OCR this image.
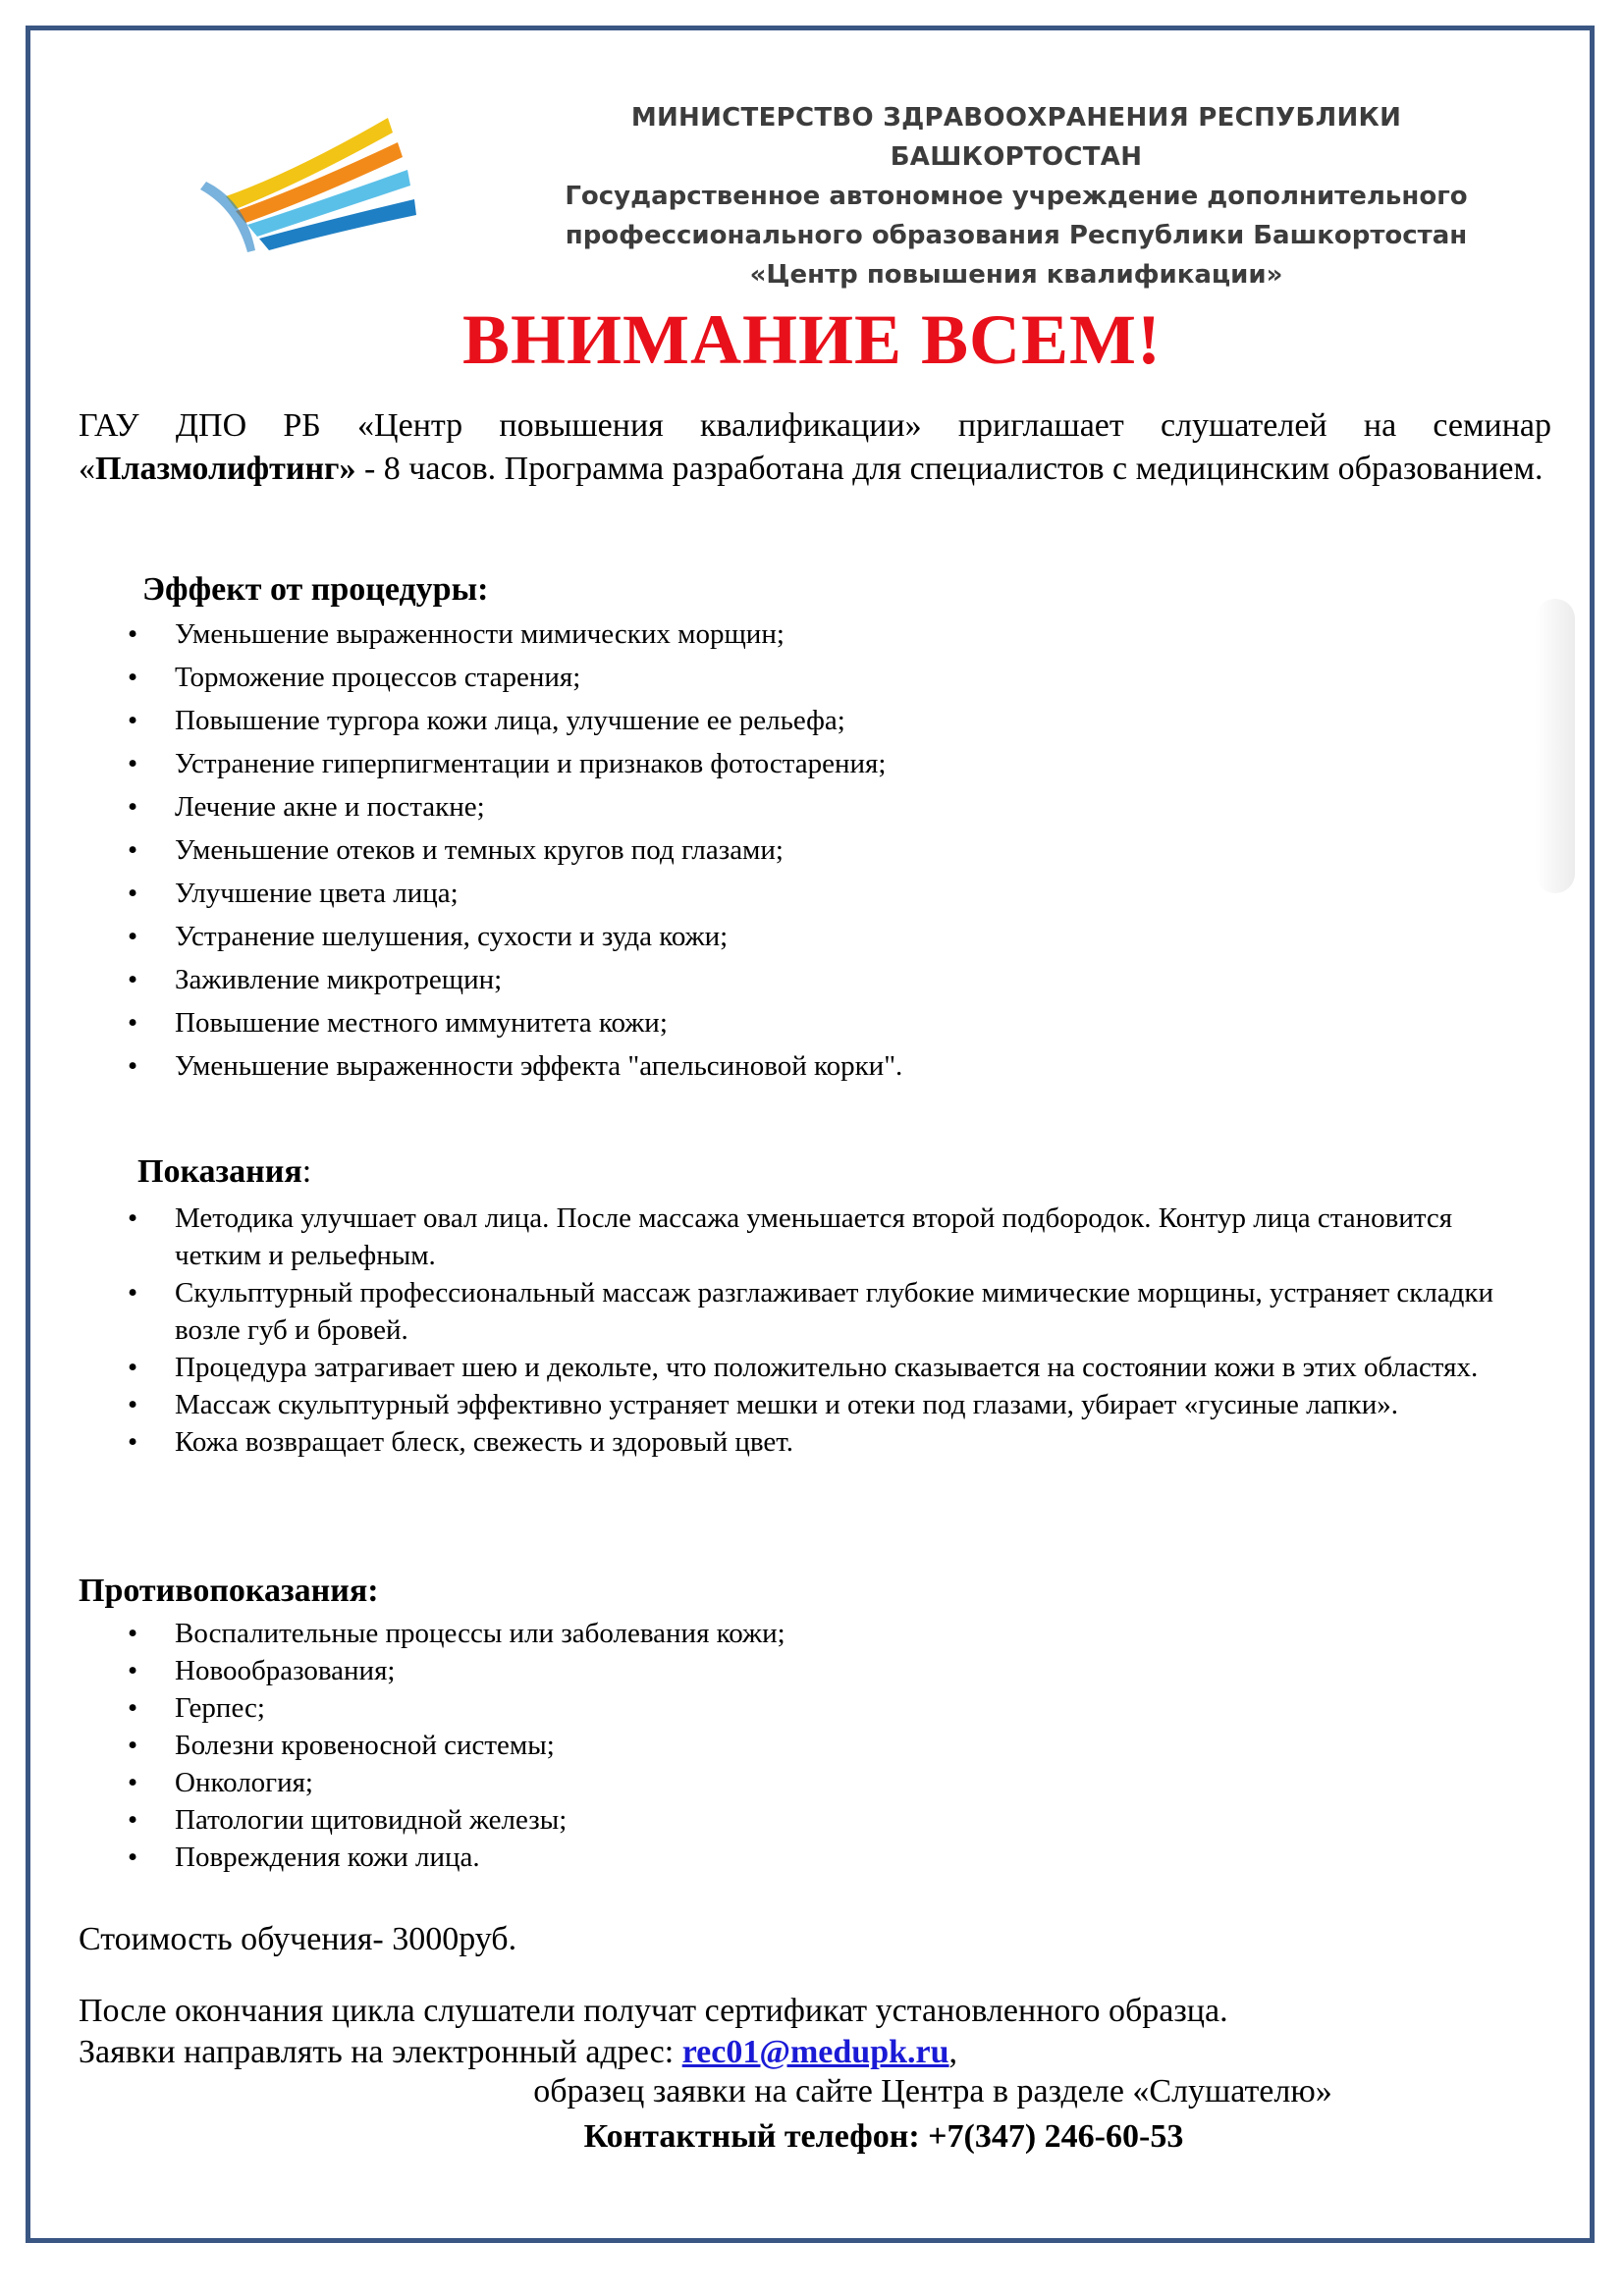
МИНИСТЕРСТВО ЗДРАВООХРАНЕНИЯ РЕСПУБЛИКИ БАШКОРТОСТАН
Государственное автономное учреждение дополнительного
профессионального образования Республики Башкортостан
«Центр повышения квалификации»
ВНИМАНИЕ ВСЕМ!
ГАУ ДПО РБ «Центр повышения квалификации» приглашает слушателей на семинар «Плазмолифтинг» - 8 часов. Программа разработана для специалистов с медицинским образованием.
Эффект от процедуры:
• Уменьшение выраженности мимических морщин;
• Торможение процессов старения;
• Повышение тургора кожи лица, улучшение ее рельефа;
• Устранение гиперпигментации и признаков фотостарения;
• Лечение акне и постакне;
• Уменьшение отеков и темных кругов под глазами;
• Улучшение цвета лица;
• Устранение шелушения, сухости и зуда кожи;
• Заживление микротрещин;
• Повышение местного иммунитета кожи;
• Уменьшение выраженности эффекта "апельсиновой корки".
Показания:
• Методика улучшает овал лица. После массажа уменьшается второй подбородок. Контур лица становится четким и рельефным.
• Скульптурный профессиональный массаж разглаживает глубокие мимические морщины, устраняет складки возле губ и бровей.
• Процедура затрагивает шею и декольте, что положительно сказывается на состоянии кожи в этих областях.
• Массаж скульптурный эффективно устраняет мешки и отеки под глазами, убирает «гусиные лапки».
• Кожа возвращает блеск, свежесть и здоровый цвет.
Противопоказания:
• Воспалительные процессы или заболевания кожи;
• Новообразования;
• Герпес;
• Болезни кровеносной системы;
• Онкология;
• Патологии щитовидной железы;
• Повреждения кожи лица.
Стоимость обучения- 3000руб.
После окончания цикла слушатели получат сертификат установленного образца.
Заявки направлять на электронный адрес: rec01@medupk.ru,
образец заявки на сайте Центра в разделе «Слушателю»
Контактный телефон: +7(347) 246-60-53
